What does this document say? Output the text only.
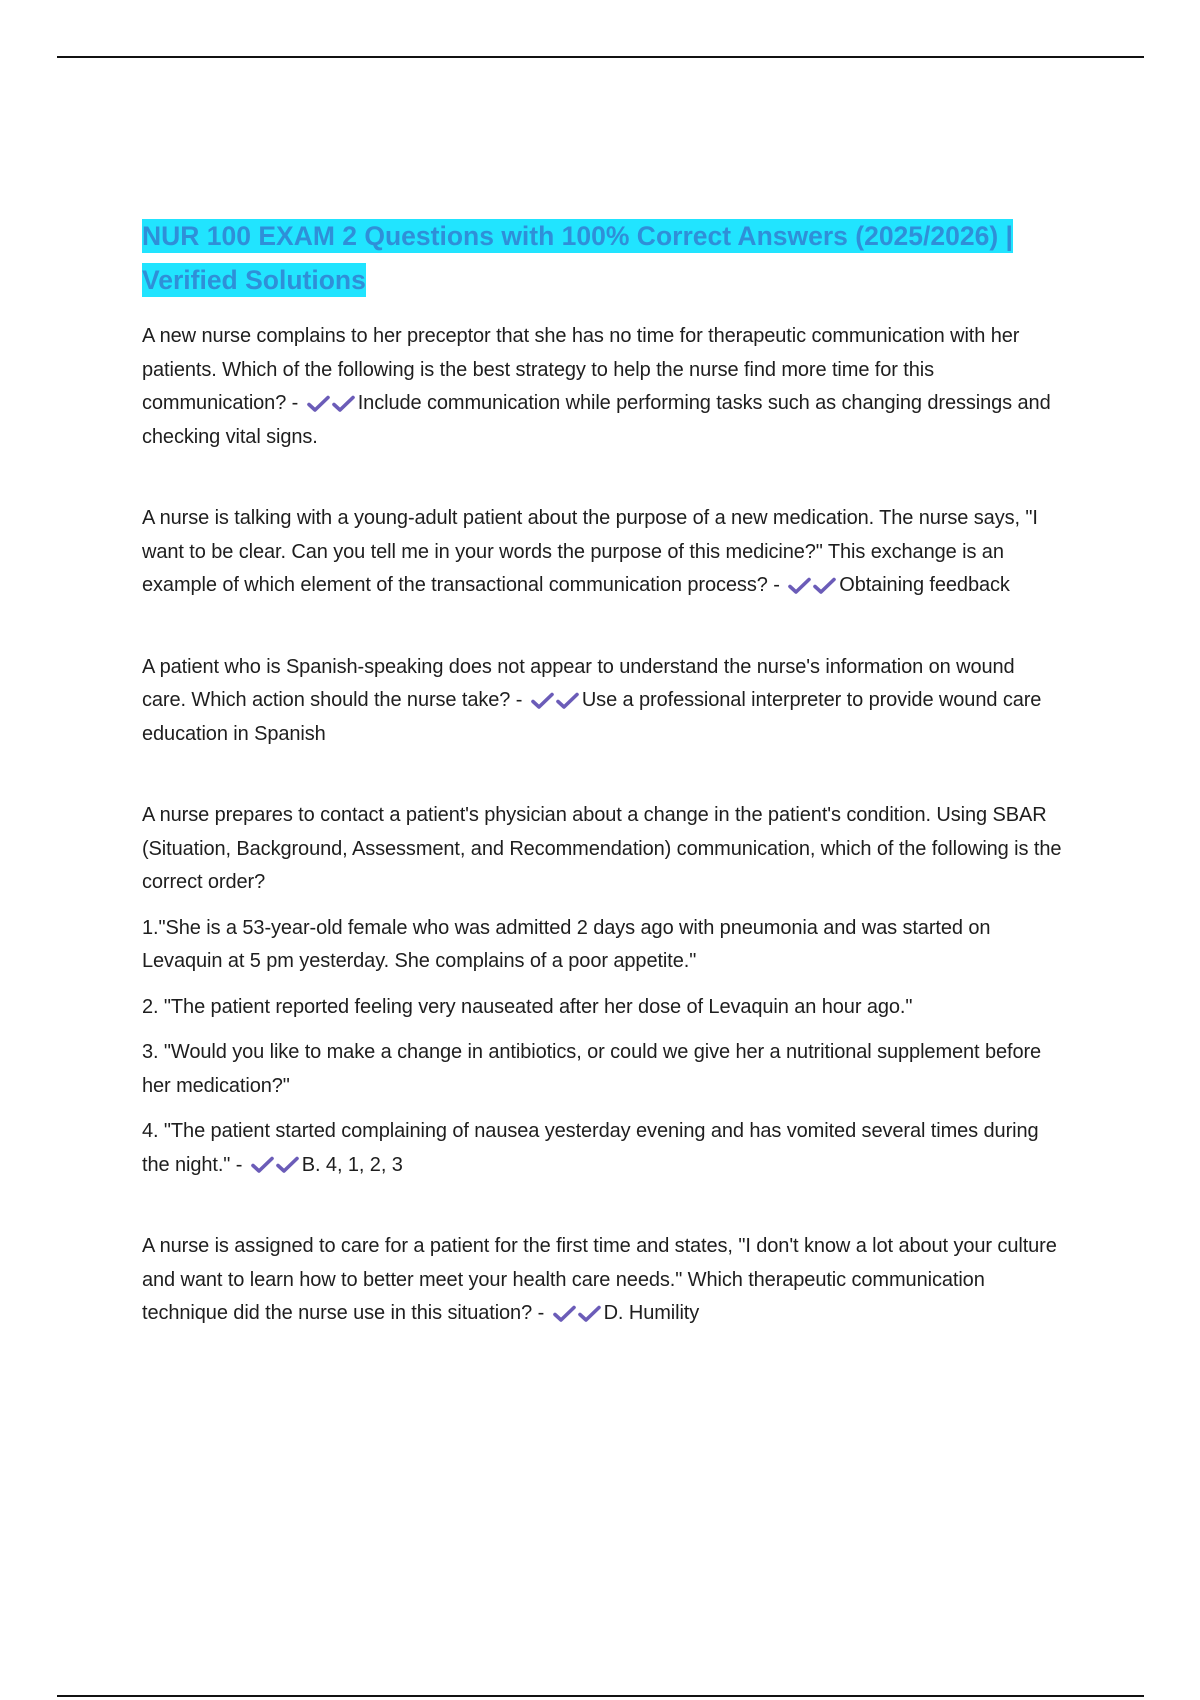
NUR 100 EXAM 2 Questions with 100% Correct Answers (2025/2026) | Verified Solutions

A new nurse complains to her preceptor that she has no time for therapeutic communication with her patients. Which of the following is the best strategy to help the nurse find more time for this communication? -	Include communication while performing tasks such as changing dressings and checking vital signs.

A nurse is talking with a young-adult patient about the purpose of a new medication. The nurse says, "I want to be clear. Can you tell me in your words the purpose of this medicine?" This exchange is an example of which element of the transactional communication process? -	Obtaining feedback

A patient who is Spanish-speaking does not appear to understand the nurse's information on wound care. Which action should the nurse take? -	Use a professional interpreter to provide wound care education in Spanish

A nurse prepares to contact a patient's physician about a change in the patient's condition. Using SBAR (Situation, Background, Assessment, and Recommendation) communication, which of the following is the correct order?

1."She is a 53-year-old female who was admitted 2 days ago with pneumonia and was started on Levaquin at 5 pm yesterday. She complains of a poor appetite."

2. "The patient reported feeling very nauseated after her dose of Levaquin an hour ago."

3. "Would you like to make a change in antibiotics, or could we give her a nutritional supplement before her medication?"

4. "The patient started complaining of nausea yesterday evening and has vomited several times during the night." -	B. 4, 1, 2, 3

A nurse is assigned to care for a patient for the first time and states, "I don't know a lot about your culture and want to learn how to better meet your health care needs." Which therapeutic communication technique did the nurse use in this situation? -	D. Humility
